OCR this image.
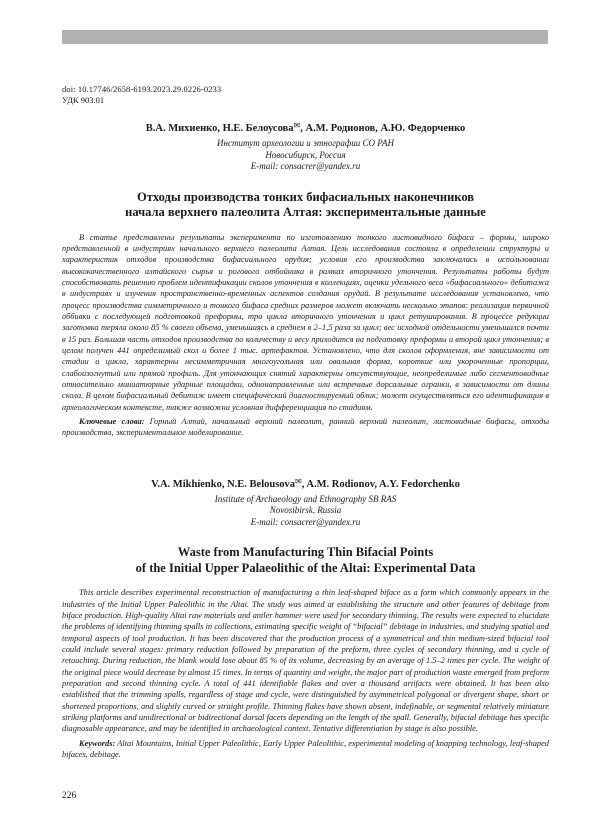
doi: 10.17746/2658-6193.2023.29.0226-0233
УДК 903.01
В.А. Михиенко, Н.Е. Белоусова✉, А.М. Родионов, А.Ю. Федорченко
Институт археологии и этнографии СО РАН
Новосибирск, Россия
E-mail: consacrer@yandex.ru
Отходы производства тонких бифасиальных наконечников
начала верхнего палеолита Алтая: экспериментальные данные

В статье представлены результаты эксперимента по изготовлению тонкого листовидного бифаса – формы, широко представленной в индустриях начального верхнего палеолита Алтая. Цель исследования состояла в определении структуры и характеристик отходов производства бифасиального орудия; условия его производства заключались в использовании высококачественного алтайского сырья и рогового отбойника в рамках вторичного утончения. Результаты работы будут способствовать решению проблем идентификации сколов утончения в коллекциях, оценки удельного веса «бифасиального» дебитажа в индустриях и изучения пространственно-временных аспектов создания орудий. В результате исследования установлено, что процесс производства симметричного и тонкого бифаса средних размеров может включать несколько этапов: реализация первичной оббивки с последующей подготовкой преформы, три цикла вторичного утончения и цикл ретуширования. В процессе редукции заготовка теряла около 85 % своего объема, уменьшаясь в среднем в 2–1,5 раза за цикл; вес исходной отдельности уменьшался почти в 15 раз. Большая часть отходов производства по количеству и весу приходится на подготовку преформы и второй цикл утончения; в целом получен 441 определимый скол и более 1 тыс. артефактов. Установлено, что для сколов оформления, вне зависимости от стадии и цикла, характерны несимметричная многоугольная или овальная форма, короткие или укороченные пропорции, слабоизогнутый или прямой профиль. Для утончающих снятий характерны отсутствующие, неопределимые либо сегментовидные относительно миниатюрные ударные площадки, однонаправленные или встречные дорсальные огранки, в зависимости от длины скола. В целом бифасиальный дебитаж имеет специфический диагностируемый облик; может осуществляться его идентификация в археологическом контексте, также возможна условная дифференциация по стадиям.

Ключевые слова: Горный Алтай, начальный верхний палеолит, ранний верхний палеолит, листовидные бифасы, отходы производства, экспериментальное моделирование.

V.A. Mikhienko, N.E. Belousova✉, A.M. Rodionov, A.Y. Fedorchenko
Institute of Archaeology and Ethnography SB RAS
Novosibirsk, Russia
E-mail: consacrer@yandex.ru
Waste from Manufacturing Thin Bifacial Points
of the Initial Upper Palaeolithic of the Altai: Experimental Data

This article describes experimental reconstruction of manufacturing a thin leaf-shaped biface as a form which commonly appears in the industries of the Initial Upper Paleolithic in the Altai. The study was aimed at establishing the structure and other features of debitage from biface production. High-quality Altai raw materials and antler hammer were used for secondary thinning. The results were expected to elucidate the problems of identifying thinning spalls in collections, estimating specific weight of “bifacial” debitage in industries, and studying spatial and temporal aspects of tool production. It has been discovered that the production process of a symmetrical and thin medium-sized bifacial tool could include several stages: primary reduction followed by preparation of the preform, three cycles of secondary thinning, and a cycle of retouching. During reduction, the blank would lose about 85 % of its volume, decreasing by an average of 1.5–2 times per cycle. The weight of the original piece would decrease by almost 15 times. In terms of quantity and weight, the major part of production waste emerged from preform preparation and second thinning cycle. A total of 441 identifiable flakes and over a thousand artifacts were obtained. It has been also established that the trimming spalls, regardless of stage and cycle, were distinguished by asymmetrical polygonal or divergent shape, short or shortened proportions, and slightly curved or straight profile. Thinning flakes have shown absent, indefinable, or segmental relatively miniature striking platforms and unidirectional or bidirectional dorsal facets depending on the length of the spall. Generally, bifacial debitage has specific diagnosable appearance, and may be identified in archaeological context. Tentative differentiation by stage is also possible.

Keywords: Altai Mountains, Initial Upper Paleolithic, Early Upper Paleolithic, experimental modeling of knapping technology, leaf-shaped bifaces, debitage.

226
